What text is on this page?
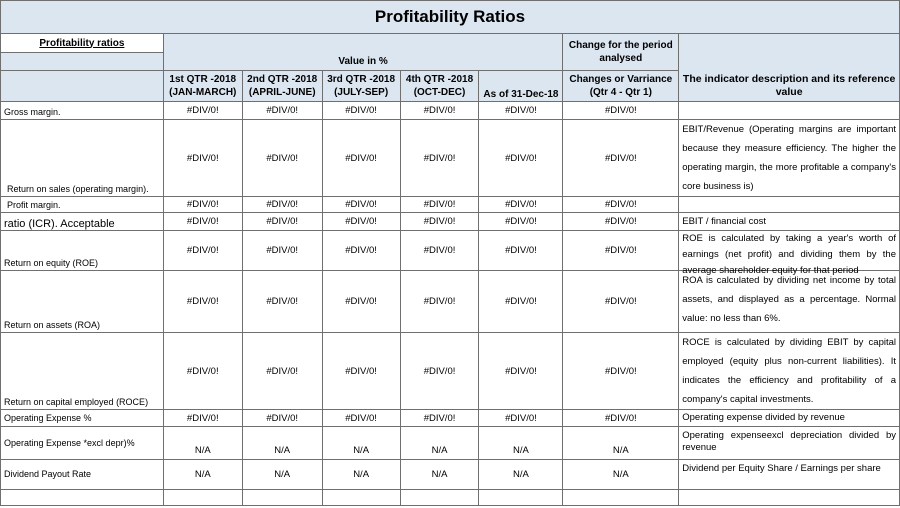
Profitability Ratios							
Profitability ratios	Value in %					Change for the period analysed	The indicator description and its reference value

	1st QTR -2018 (JAN-MARCH)	2nd QTR -2018 (APRIL-JUNE)	3rd QTR -2018 (JULY-SEP)	4th QTR -2018 (OCT-DEC)	As of 31-Dec-18	Changes or Varriance (Qtr 4 - Qtr 1)	
Gross margin.	#DIV/0!	#DIV/0!	#DIV/0!	#DIV/0!	#DIV/0!	#DIV/0!	
Return on sales (operating margin).	#DIV/0!	#DIV/0!	#DIV/0!	#DIV/0!	#DIV/0!	#DIV/0!	EBIT/Revenue (Operating margins are important because they measure efficiency. The higher the operating margin, the more profitable a company's core business is)
Profit margin.	#DIV/0!	#DIV/0!	#DIV/0!	#DIV/0!	#DIV/0!	#DIV/0!	
ratio (ICR). Acceptable	#DIV/0!	#DIV/0!	#DIV/0!	#DIV/0!	#DIV/0!	#DIV/0!	EBIT / financial cost
Return on equity (ROE)	#DIV/0!	#DIV/0!	#DIV/0!	#DIV/0!	#DIV/0!	#DIV/0!	ROE is calculated by taking a year's worth of earnings (net profit) and dividing them by the average shareholder equity for that period

Return on assets (ROA)	#DIV/0!	#DIV/0!	#DIV/0!	#DIV/0!	#DIV/0!	#DIV/0!	ROA is calculated by dividing net income by total assets, and displayed as a percentage. Normal value: no less than 6%.
Return on capital employed (ROCE)	#DIV/0!	#DIV/0!	#DIV/0!	#DIV/0!	#DIV/0!	#DIV/0!	ROCE is calculated by dividing EBIT by capital employed (equity plus non-current liabilities). It indicates the efficiency and profitability of a company's capital investments.
Operating Expense %	#DIV/0!	#DIV/0!	#DIV/0!	#DIV/0!	#DIV/0!	#DIV/0!	Operating expense divided by revenue
Operating Expense *excl depr)%	N/A	N/A	N/A	N/A	N/A	N/A	Operating expenseexcl depreciation divided by revenue
Dividend Payout Rate	N/A	N/A	N/A	N/A	N/A	N/A	Dividend per Equity Share / Earnings per share
